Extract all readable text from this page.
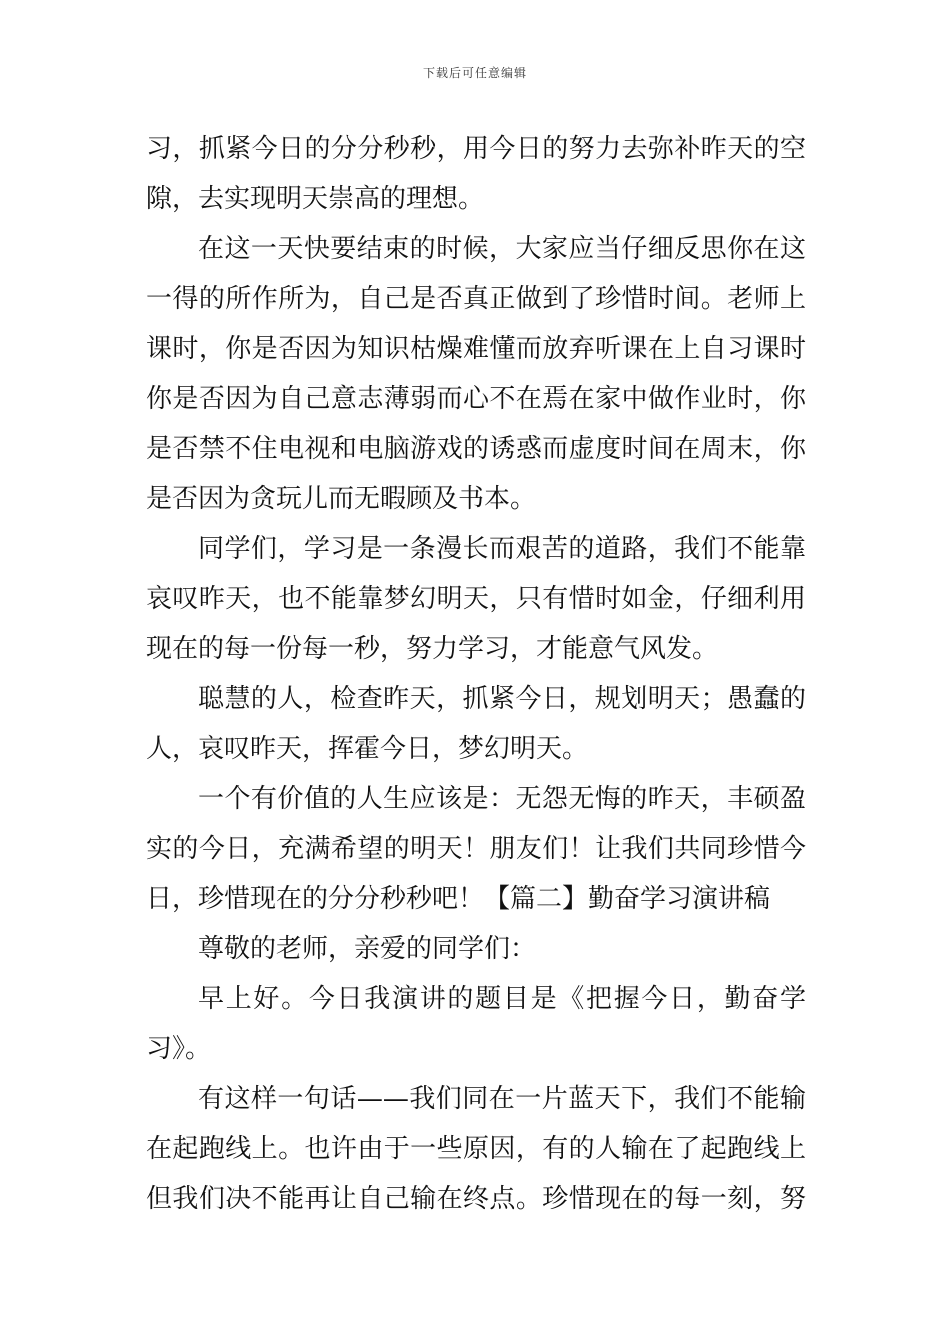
下载后可任意编辑
习，抓紧今日的分分秒秒，用今日的努力去弥补昨天的空
隙，去实现明天崇高的理想。
在这一天快要结束的时候，大家应当仔细反思你在这
一得的所作所为，自己是否真正做到了珍惜时间。老师上
课时，你是否因为知识枯燥难懂而放弃听课在上自习课时
你是否因为自己意志薄弱而心不在焉在家中做作业时，你
是否禁不住电视和电脑游戏的诱惑而虚度时间在周末，你
是否因为贪玩儿而无暇顾及书本。
同学们，学习是一条漫长而艰苦的道路，我们不能靠
哀叹昨天，也不能靠梦幻明天，只有惜时如金，仔细利用
现在的每一份每一秒，努力学习，才能意气风发。
聪慧的人，检查昨天，抓紧今日，规划明天；愚蠢的
人，哀叹昨天，挥霍今日，梦幻明天。
一个有价值的人生应该是：无怨无悔的昨天，丰硕盈
实的今日，充满希望的明天！朋友们！让我们共同珍惜今
日，珍惜现在的分分秒秒吧！【篇二】勤奋学习演讲稿
尊敬的老师，亲爱的同学们：
早上好。今日我演讲的题目是《把握今日，勤奋学
习》。
有这样一句话——我们同在一片蓝天下，我们不能输
在起跑线上。也许由于一些原因，有的人输在了起跑线上
但我们决不能再让自己输在终点。珍惜现在的每一刻，努
